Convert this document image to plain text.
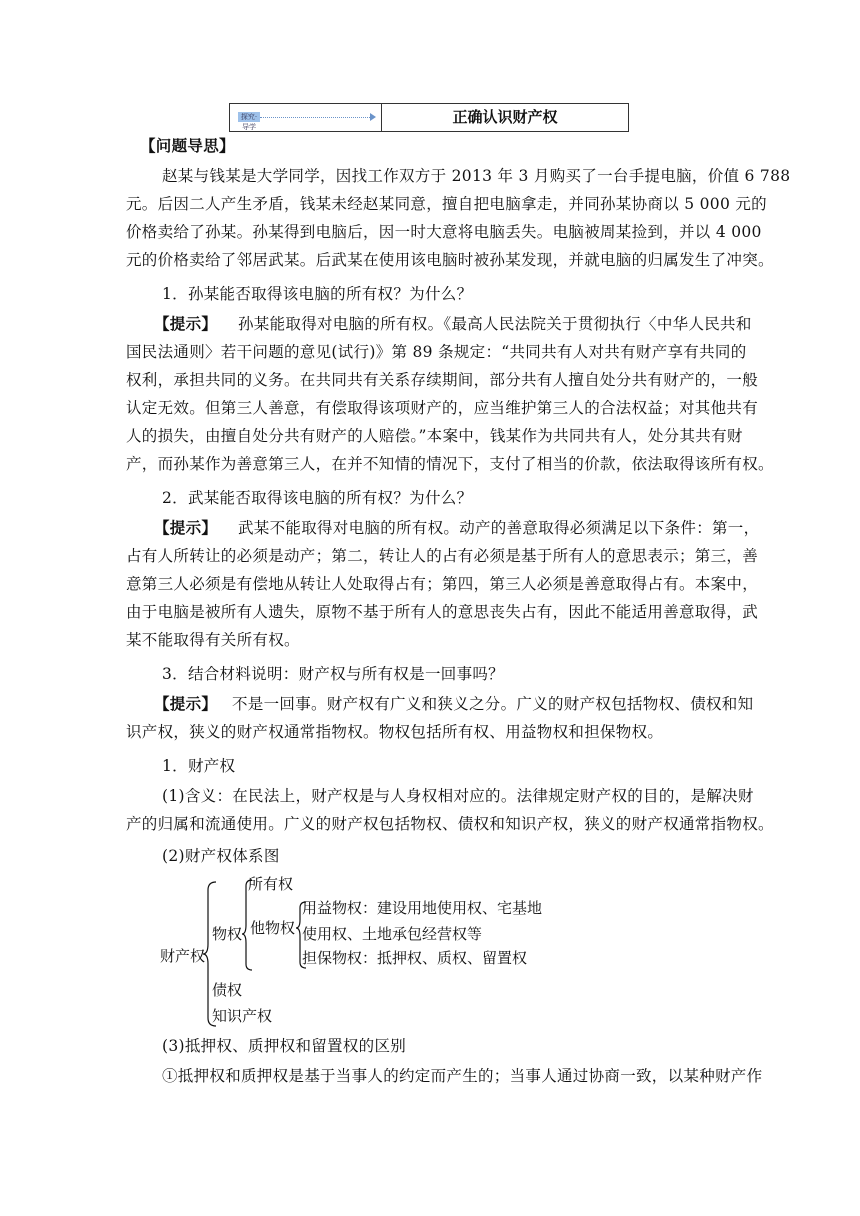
探究·导学
正确认识财产权
【问题导思】
赵某与钱某是大学同学，因找工作双方于 2013 年 3 月购买了一台手提电脑，价值 6 788
元。后因二人产生矛盾，钱某未经赵某同意，擅自把电脑拿走，并同孙某协商以 5 000 元的
价格卖给了孙某。孙某得到电脑后，因一时大意将电脑丢失。电脑被周某捡到，并以 4 000
元的价格卖给了邻居武某。后武某在使用该电脑时被孙某发现，并就电脑的归属发生了冲突。
1．孙某能否取得该电脑的所有权？为什么？
【提示】 孙某能取得对电脑的所有权。《最高人民法院关于贯彻执行〈中华人民共和
国民法通则〉若干问题的意见(试行)》第 89 条规定：“共同共有人对共有财产享有共同的
权利，承担共同的义务。在共同共有关系存续期间，部分共有人擅自处分共有财产的，一般
认定无效。但第三人善意，有偿取得该项财产的，应当维护第三人的合法权益；对其他共有
人的损失，由擅自处分共有财产的人赔偿。”本案中，钱某作为共同共有人，处分其共有财
产，而孙某作为善意第三人，在并不知情的情况下，支付了相当的价款，依法取得该所有权。
2．武某能否取得该电脑的所有权？为什么？
【提示】 武某不能取得对电脑的所有权。动产的善意取得必须满足以下条件：第一，
占有人所转让的必须是动产；第二，转让人的占有必须是基于所有人的意思表示；第三，善
意第三人必须是有偿地从转让人处取得占有；第四，第三人必须是善意取得占有。本案中，
由于电脑是被所有人遗失，原物不基于所有人的意思丧失占有，因此不能适用善意取得，武
某不能取得有关所有权。
3．结合材料说明：财产权与所有权是一回事吗？
【提示】 不是一回事。财产权有广义和狭义之分。广义的财产权包括物权、债权和知
识产权，狭义的财产权通常指物权。物权包括所有权、用益物权和担保物权。
1．财产权
(1)含义：在民法上，财产权是与人身权相对应的。法律规定财产权的目的，是解决财
产的归属和流通使用。广义的财产权包括物权、债权和知识产权，狭义的财产权通常指物权。
(2)财产权体系图
财产权
物权
所有权
他物权
用益物权：建设用地使用权、宅基地
使用权、土地承包经营权等
担保物权：抵押权、质权、留置权
债权
知识产权
(3)抵押权、质押权和留置权的区别
①抵押权和质押权是基于当事人的约定而产生的；当事人通过协商一致，以某种财产作
